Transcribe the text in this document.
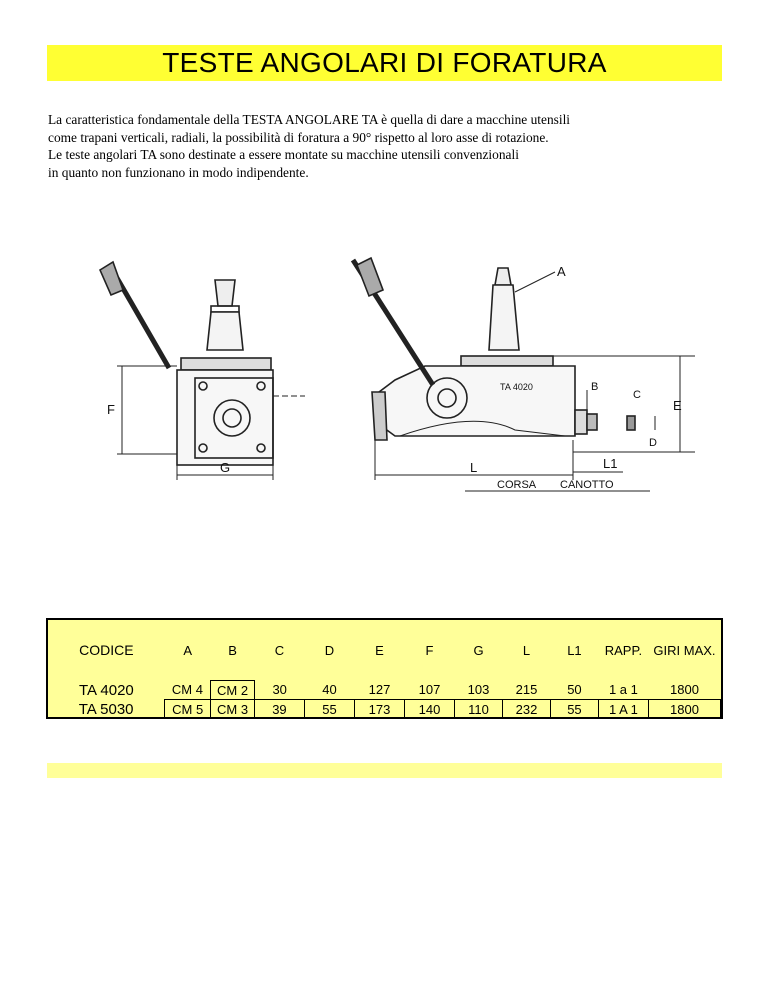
TESTE ANGOLARI DI FORATURA
La caratteristica fondamentale della TESTA ANGOLARE TA è quella di dare a macchine utensili
come trapani verticali, radiali, la possibilità di foratura a 90° rispetto al loro asse di rotazione.
Le teste angolari TA sono destinate a essere montate su macchine utensili convenzionali
in quanto non funzionano in modo indipendente.
F
G
A
TA 4020	B
C
D
E
L	L1
CORSA CANOTTO
CODICE	A	B	C	D	E	F	G	L	L1	RAPP.	GIRI MAX.
TA 4020	CM 4	CM 2	30	40	127	107	103	215	50	1 a 1	1800
TA 5030	CM 5	CM 3	39	55	173	140	110	232	55	1 A 1	1800
